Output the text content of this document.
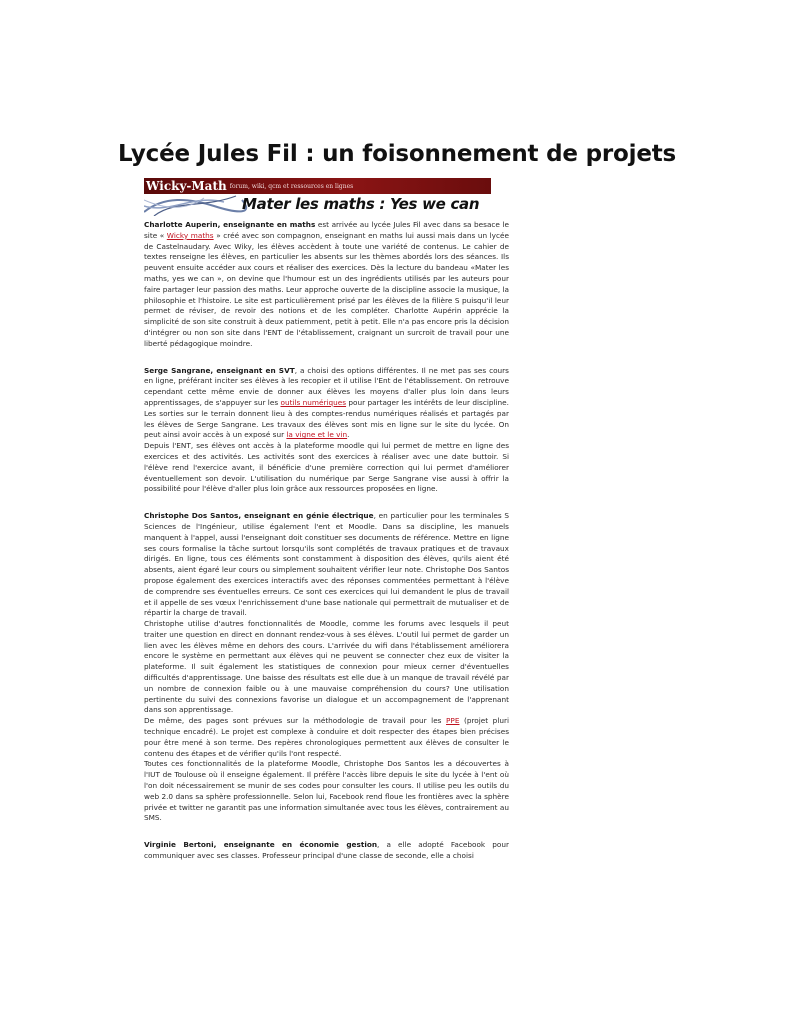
Lycée Jules Fil : un foisonnement de projets
Wicky-Math forum, wiki, qcm et ressources en lignes
Mater les maths : Yes we can

Charlotte Auperin, enseignante en maths est arrivée au lycée Jules Fil avec dans sa besace le site « Wicky maths » créé avec son compagnon, enseignant en maths lui aussi mais dans un lycée de Castelnaudary. Avec Wiky, les élèves accèdent à toute une variété de contenus. Le cahier de textes renseigne les élèves, en particulier les absents sur les thèmes abordés lors des séances. Ils peuvent ensuite accéder aux cours et réaliser des exercices. Dès la lecture du bandeau «Mater les maths, yes we can », on devine que l'humour est un des ingrédients utilisés par les auteurs pour faire partager leur passion des maths. Leur approche ouverte de la discipline associe la musique, la philosophie et l'histoire. Le site est particulièrement prisé par les élèves de la filière S puisqu'il leur permet de réviser, de revoir des notions et de les compléter. Charlotte Aupérin apprécie la simplicité de son site construit à deux patiemment, petit à petit. Elle n'a pas encore pris la décision d'intégrer ou non son site dans l'ENT de l'établissement, craignant un surcroit de travail pour une liberté pédagogique moindre.

Serge Sangrane, enseignant en SVT, a choisi des options différentes. Il ne met pas ses cours en ligne, préférant inciter ses élèves à les recopier et il utilise l'Ent de l'établissement. On retrouve cependant cette même envie de donner aux élèves les moyens d'aller plus loin dans leurs apprentissages, de s'appuyer sur les outils numériques pour partager les intérêts de leur discipline. Les sorties sur le terrain donnent lieu à des comptes-rendus numériques réalisés et partagés par les élèves de Serge Sangrane. Les travaux des élèves sont mis en ligne sur le site du lycée. On peut ainsi avoir accès à un exposé sur la vigne et le vin.

Depuis l'ENT, ses élèves ont accès à la plateforme moodle qui lui permet de mettre en ligne des exercices et des activités. Les activités sont des exercices à réaliser avec une date buttoir. Si l'élève rend l'exercice avant, il bénéficie d'une première correction qui lui permet d'améliorer éventuellement son devoir. L'utilisation du numérique par Serge Sangrane vise aussi à offrir la possibilité pour l'élève d'aller plus loin grâce aux ressources proposées en ligne.

Christophe Dos Santos, enseignant en génie électrique, en particulier pour les terminales S Sciences de l'Ingénieur, utilise également l'ent et Moodle. Dans sa discipline, les manuels manquent à l'appel, aussi l'enseignant doit constituer ses documents de référence. Mettre en ligne ses cours formalise la tâche surtout lorsqu'ils sont complétés de travaux pratiques et de travaux dirigés. En ligne, tous ces éléments sont constamment à disposition des élèves, qu'ils aient été absents, aient égaré leur cours ou simplement souhaitent vérifier leur note. Christophe Dos Santos propose également des exercices interactifs avec des réponses commentées permettant à l'élève de comprendre ses éventuelles erreurs. Ce sont ces exercices qui lui demandent le plus de travail et il appelle de ses vœux l'enrichissement d'une base nationale qui permettrait de mutualiser et de répartir la charge de travail.

Christophe utilise d'autres fonctionnalités de Moodle, comme les forums avec lesquels il peut traiter une question en direct en donnant rendez-vous à ses élèves. L'outil lui permet de garder un lien avec les élèves même en dehors des cours. L'arrivée du wifi dans l'établissement améliorera encore le système en permettant aux élèves qui ne peuvent se connecter chez eux de visiter la plateforme. Il suit également les statistiques de connexion pour mieux cerner d'éventuelles difficultés d'apprentissage. Une baisse des résultats est elle due à un manque de travail révélé par un nombre de connexion faible ou à une mauvaise compréhension du cours? Une utilisation pertinente du suivi des connexions favorise un dialogue et un accompagnement de l'apprenant dans son apprentissage.

De même, des pages sont prévues sur la méthodologie de travail pour les PPE (projet pluri technique encadré). Le projet est complexe à conduire et doit respecter des étapes bien précises pour être mené à son terme. Des repères chronologiques permettent aux élèves de consulter le contenu des étapes et de vérifier qu'ils l'ont respecté.

Toutes ces fonctionnalités de la plateforme Moodle, Christophe Dos Santos les a découvertes à l'IUT de Toulouse où il enseigne également. Il préfère l'accès libre depuis le site du lycée à l'ent où l'on doit nécessairement se munir de ses codes pour consulter les cours. Il utilise peu les outils du web 2.0 dans sa sphère professionnelle. Selon lui, Facebook rend floue les frontières avec la sphère privée et twitter ne garantit pas une information simultanée avec tous les élèves, contrairement au SMS.

Virginie Bertoni, enseignante en économie gestion, a elle adopté Facebook pour communiquer avec ses classes. Professeur principal d'une classe de seconde, elle a choisi
